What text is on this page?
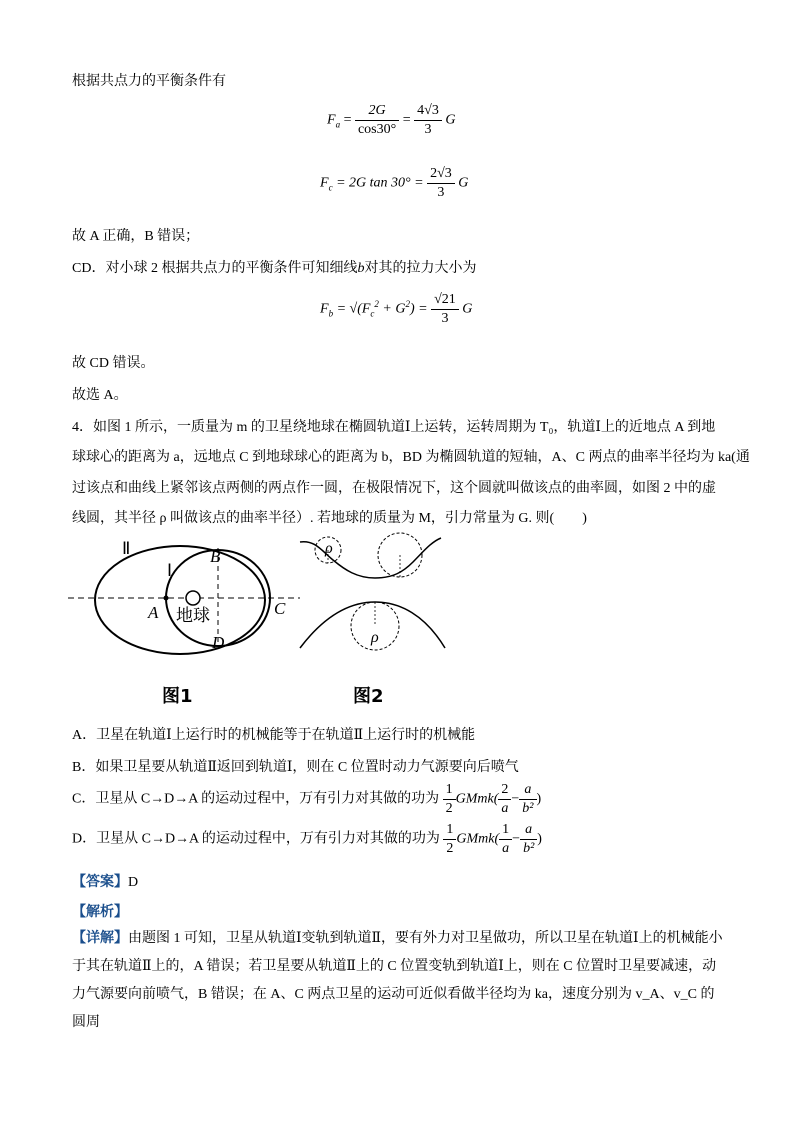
根据共点力的平衡条件有
$F_a = \frac{2G}{\cos 30^\circ} = \frac{4√3}{3}$ G
$F_c = 2G$ $\tan 30^\circ = \frac{2√3}{3}$ G
故 A 正确，B 错误；
CD．对小球 2 根据共点力的平衡条件可知细线b对其的拉力大小为
$F_b = √(F_c^2 + G^2) = \frac{√21}{3}$ G
故 CD 错误。
故选 A。
4．如图 1 所示，一质量为 m 的卫星绕地球在椭圆轨道Ⅰ上运转，运转周期为 T₀，轨道Ⅰ上的近地点 A 到地
球球心的距离为 a，远地点 C 到地球球心的距离为 b，BD 为椭圆轨道的短轴，A、C 两点的曲率半径均为 ka(通
过该点和曲线上紧邻该点两侧的两点作一圆，在极限情况下，这个圆就叫做该点的曲率圆，如图 2 中的虚
线圆，其半径 ρ 叫做该点的曲率半径）. 若地球的质量为 M，引力常量为 G. 则(　　)
Ⅱ
Ⅰ
B
A	C
D
地球
图1
ρ
ρ
图2
A．卫星在轨道Ⅰ上运行时的机械能等于在轨道Ⅱ上运行时的机械能
B．如果卫星要从轨道Ⅱ返回到轨道Ⅰ，则在 C 位置时动力气源要向后喷气
C．卫星从 C→D→A 的运动过程中，万有引力对其做的功为 $\frac{1}{2}$ GMmk( $\frac{2}{a} - \frac{a}{\text{b²}}$ )
D．卫星从 C→D→A 的运动过程中，万有引力对其做的功为 $\frac{1}{2}$ GMmk( $\frac{1}{a} - \frac{a}{\text{b²}}$ )
【答案】D
【解析】
【详解】由题图 1 可知，卫星从轨道Ⅰ变轨到轨道Ⅱ，要有外力对卫星做功，所以卫星在轨道Ⅰ上的机械能小于其在轨道Ⅱ上的，A 错误；若卫星要从轨道Ⅱ上的 C 位置变轨到轨道Ⅰ上，则在 C 位置时卫星要减速，动力气源要向前喷气，B 错误；在 A、C 两点卫星的运动可近似看做半径均为 ka，速度分别为 v_A、v_C 的圆周
